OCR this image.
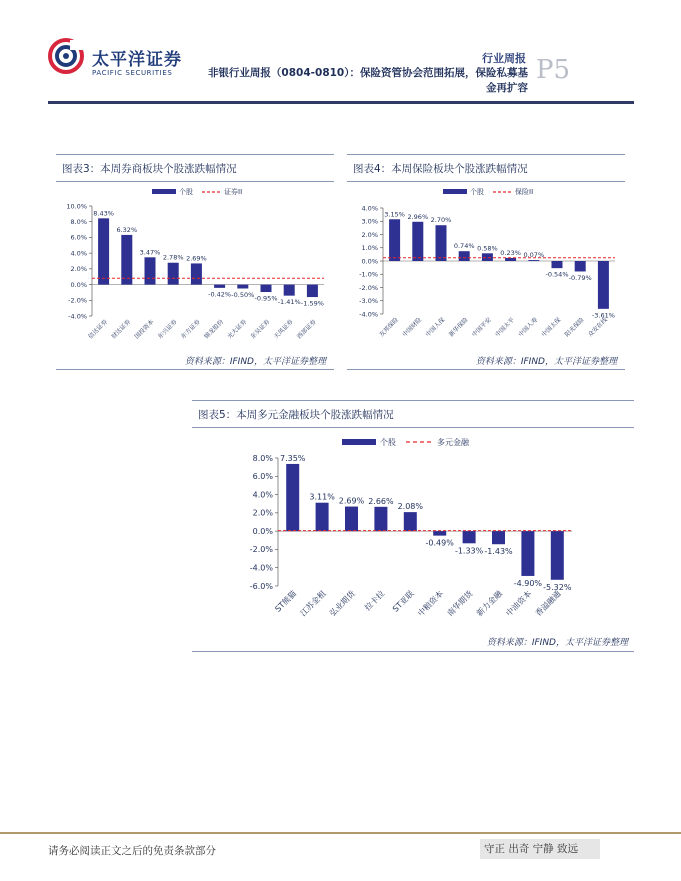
太平洋证券
PACIFIC SECURITIES
行业周报
非银行业周报（0804-0810）：保险资管协会范围拓展，保险私募基金再扩容
P5
图表3：本周券商板块个股涨跌幅情况
个股	证券II
10.0%
8.0%
6.0%
4.0%
2.0%
0.0%
-2.0%
-4.0%
8.43%
信达证券
6.32%
财达证券
3.47%
国投资本
2.78%
东兴证券
2.69%
东方证券
-0.42%
锦龙股份
-0.50%
光大证券
-0.95%
东吴证券
-1.41%
天风证券
-1.59%
西部证券
资料来源：IFIND，太平洋证券整理
图表4：本周保险板块个股涨跌幅情况
个股	保险II
4.0%
3.0%
2.0%
1.0%
0.0%
-1.0%
-2.0%
-3.0%
-4.0%
3.15%
友邦保险
2.96%
中国财险
2.70%
中国人保
0.74%
新华保险
0.58%
中国平安
0.23%
中国太平
0.07%
中国人寿
-0.54%
中国太保
-0.79%
阳光保险
-3.61%
众安在线
资料来源：IFIND，太平洋证券整理
图表5：本周多元金融板块个股涨跌幅情况
个股	多元金融
8.0%
6.0%
4.0%
2.0%
0.0%
-2.0%
-4.0%
-6.0%
7.35%
ST熊猫
3.11%
江苏金租
2.69%
弘业期货
2.66%
拉卡拉
2.08%
ST亚联
-0.49%
中粮资本
-1.33%
南华期货
-1.43%
新力金融
-4.90%
中油资本
-5.32%
香溢融通
资料来源：IFIND，太平洋证券整理
请务必阅读正文之后的免责条款部分	守正 出奇 宁静 致远
